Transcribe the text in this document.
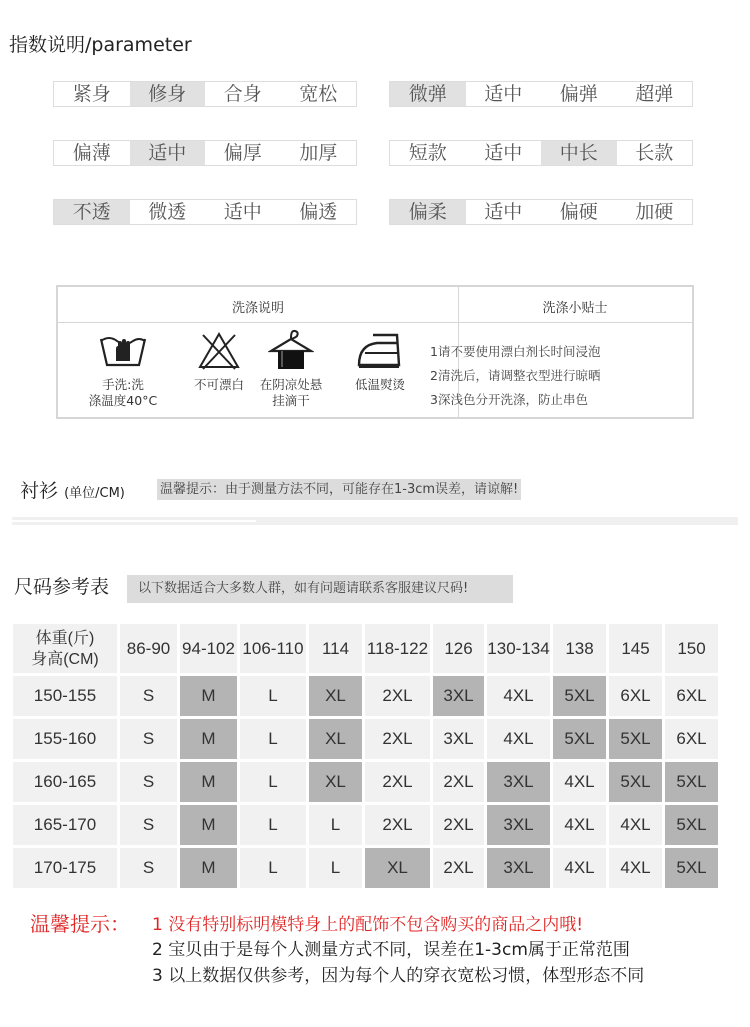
指数说明/parameter
紧身	修身	合身	宽松	微弹	适中	偏弹	超弹
偏薄	适中	偏厚	加厚	短款	适中	中长	长款
不透	微透	适中	偏透	偏柔	适中	偏硬	加硬
洗涤说明	洗涤小贴士
手洗:洗
涤温度40°C
不可漂白	在阴凉处悬
挂滴干
低温熨烫
1请不要使用漂白剂长时间浸泡
2清洗后，请调整衣型进行晾晒
3深浅色分开洗涤，防止串色
衬衫 (单位/CM)	温馨提示：由于测量方法不同，可能存在1-3cm误差，请谅解!
尺码参考表	以下数据适合大多数人群，如有问题请联系客服建议尺码!
体重(斤)
身高(CM)	86-90	94-102	106-110	114	118-122	126	130-134	138	145	150
150-155	S	M	L	XL	2XL	3XL	4XL	5XL	6XL	6XL
155-160	S	M	L	XL	2XL	3XL	4XL	5XL	5XL	6XL
160-165	S	M	L	XL	2XL	2XL	3XL	4XL	5XL	5XL
165-170	S	M	L	L	2XL	2XL	3XL	4XL	4XL	5XL
170-175	S	M	L	L	XL	2XL	3XL	4XL	4XL	5XL
温馨提示： 1 没有特别标明模特身上的配饰不包含购买的商品之内哦!
2 宝贝由于是每个人测量方式不同，误差在1-3cm属于正常范围
3 以上数据仅供参考，因为每个人的穿衣宽松习惯，体型形态不同
